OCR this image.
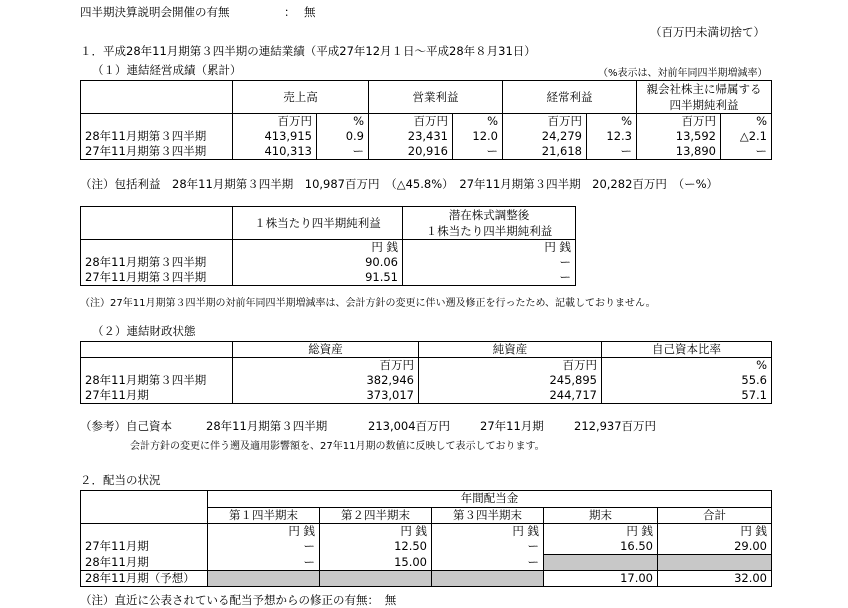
四半期決算説明会開催の有無	： 無
（百万円未満切捨て）
１．平成28年11月期第３四半期の連結業績（平成27年12月１日～平成28年８月31日）
（１）連結経営成績（累計）	（%表示は、対前年同四半期増減率）
	売上高		営業利益		経常利益		親会社株主に帰属する	
							四半期純利益	
	百万円	%	百万円	%	百万円	%	百万円	%
28年11月期第３四半期	413,915	0.9	23,431	12.0	24,279	12.3	13,592	△2.1
27年11月期第３四半期	410,313	ー	20,916	ー	21,618	ー	13,890	ー
（注）包括利益　28年11月期第３四半期　10,987百万円　（△45.8%）　27年11月期第３四半期　20,282百万円　（ー%）
	１株当たり四半期純利益	潜在株式調整後
		１株当たり四半期純利益
	円 銭	円 銭
28年11月期第３四半期	90.06	ー
27年11月期第３四半期	91.51	ー
（注）27年11月期第３四半期の対前年同四半期増減率は、会計方針の変更に伴い遡及修正を行ったため、記載しておりません。
（２）連結財政状態
	総資産	純資産	自己資本比率
	百万円	百万円	%
28年11月期第３四半期	382,946	245,895	55.6
27年11月期	373,017	244,717	57.1
（参考）自己資本	28年11月期第３四半期	213,004百万円	27年11月期	212,937百万円
会計方針の変更に伴う遡及適用影響額を、27年11月期の数値に反映して表示しております。
２．配当の状況
	年間配当金				
	第１四半期末	第２四半期末	第３四半期末	期末	合計
	円 銭	円 銭	円 銭	円 銭	円 銭
27年11月期	ー	12.50	ー	16.50	29.00
28年11月期	ー	15.00	ー		
28年11月期（予想）				17.00	32.00
（注）直近に公表されている配当予想からの修正の有無：　無
